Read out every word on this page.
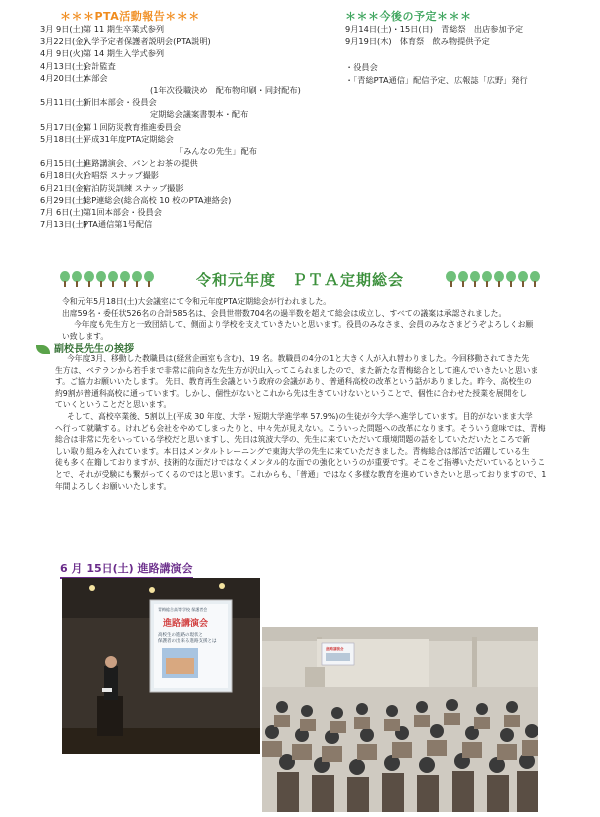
＊＊＊PTA活動報告＊＊＊
3月 9日(土) 第 11 期生卒業式参列
3月22日(金)
入学予定者保護者説明会(PTA説明)
4月 9日(火) 第 14 期生入学式参列
4月13日(土)
会計監査
4月20日(土)
本部会
(1年次役職決め　配布物印刷・同封配布)
5月11日(土)
新旧本部会・役員会
定期総会議案書製本・配布
5月17日(金)
第１回防災教育推進委員会
5月18日(土)
平成31年度PTA定期総会
「みんなの先生」配布
6月15日(土)
進路講演会、パンとお茶の提供
6月18日(火)
合唱祭 スナップ撮影
6月21日(金)
宿泊防災訓練 スナップ撮影
6月29日(土)
総P連総会(総合高校 10 校のPTA連絡会)
7月 6日(土) 第1回本部会・役員会
7月13日(土)
PTA通信第1号配信
＊＊＊今後の予定＊＊＊
9月14日(土)・15日(日)　青総祭　出店参加予定
9月19日(木)　体育祭　飲み物提供予定
・役員会
・「青総PTA通信」配信予定、広報誌「広野」発行
令和元年度　ＰＴＡ定期総会
令和元年5月18日(土)大会議室にて令和元年度PTA定期総会が行われました。
出席59名・委任状526名の合計585名は、会員世帯数704名の過半数を超えて総会は成立し、すべての議案は承認されました。
今年度も先生方と一致団結して、側面より学校を支えていきたいと思います。役員のみなさま、会員のみなさまどうぞよろしくお願
い致します。
副校長先生の挨拶
今年度3月、移動した教職員は(経営企画室も含む)、19 名。教職員の4分の1と大きく人が入れ替わりました。今回移動されてきた先
生方は、ベテランから若手まで非常に前向きな先生方が沢山入ってこられましたので、また新たな青梅総合として進んでいきたいと思いま
す。ご協力お願いいたします。 先日、教育再生会議という政府の会議があり、普通科高校の改革という話がありました。昨今、高校生の
約9割が普通科高校に通っています。しかし、個性がないとこれから先は生きていけないということで、個性に合わせた授業を展開をし
ていくということだと思います。
そして、高校卒業後、5割以上(平成 30 年度、大学・短期大学進学率 57.9%)の生徒が今大学へ進学しています。目的がないまま大学
へ行って就職する。けれども会社をやめてしまったりと、中々先が見えない。こういった問題への改革になります。そういう意味では、青梅
総合は非常に先をいっている学校だと思いますし、先日は筑波大学の、先生に来ていただいて環境問題の話をしていただいたところで新
しい取り組みを入れています。本日はメンタルトレーニングで東海大学の先生に来ていただきました。青梅総合は部活で活躍している生
徒も多く在籍しておりますが、技術的な面だけではなくメンタル的な面での強化というのが重要です。そこをご指導いただいているというこ
とで、それが受験にも繋がってくるのではと思います。これからも、「普通」ではなく多様な教育を進めていきたいと思っておりますので、1
年間よろしくお願いいたします。
6 月 15日(土) 進路講演会
青梅総合高等学校 保護者会
進路講演会
高校生の進路の現状と
保護者の出来る進路支援とは
進路講演会
